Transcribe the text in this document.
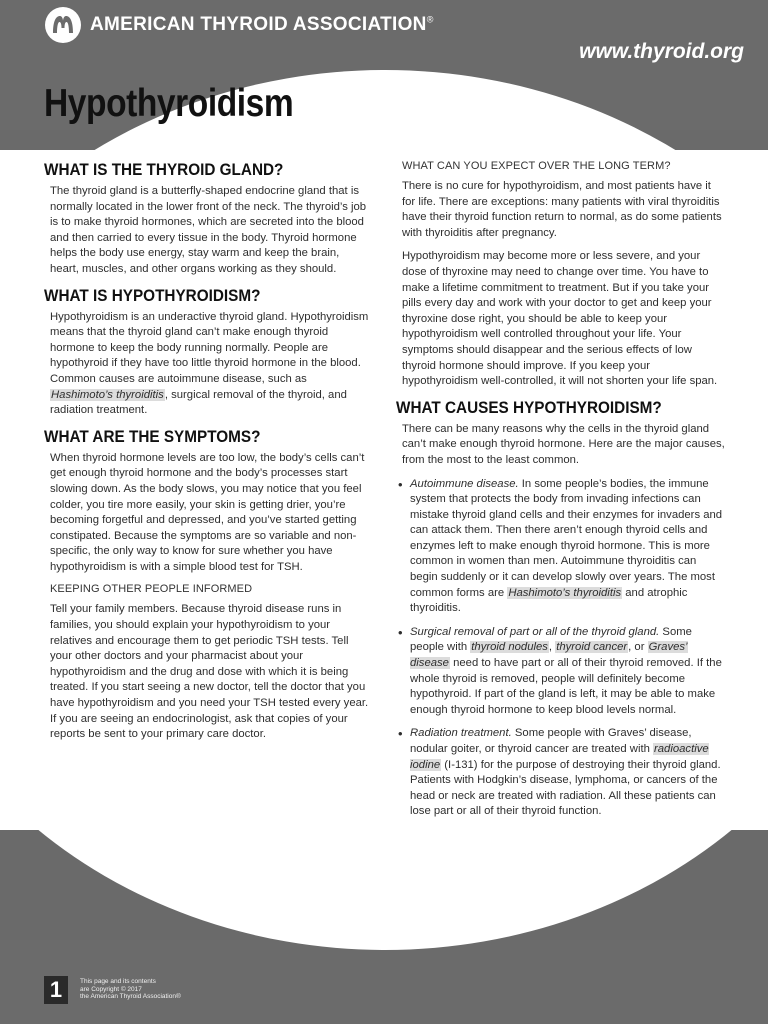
AMERICAN THYROID ASSOCIATION®
www.thyroid.org
Hypothyroidism
WHAT IS THE THYROID GLAND?

The thyroid gland is a butterfly-shaped endocrine gland that is normally located in the lower front of the neck. The thyroid’s job is to make thyroid hormones, which are secreted into the blood and then carried to every tissue in the body. Thyroid hormone helps the body use energy, stay warm and keep the brain, heart, muscles, and other organs working as they should.

WHAT IS HYPOTHYROIDISM?

Hypothyroidism is an underactive thyroid gland. Hypothyroidism means that the thyroid gland can’t make enough thyroid hormone to keep the body running normally. People are hypothyroid if they have too little thyroid hormone in the blood. Common causes are autoimmune disease, such as Hashimoto’s thyroiditis, surgical removal of the thyroid, and radiation treatment.

WHAT ARE THE SYMPTOMS?

When thyroid hormone levels are too low, the body’s cells can’t get enough thyroid hormone and the body’s processes start slowing down. As the body slows, you may notice that you feel colder, you tire more easily, your skin is getting drier, you’re becoming forgetful and depressed, and you’ve started getting constipated. Because the symptoms are so variable and non-specific, the only way to know for sure whether you have hypothyroidism is with a simple blood test for TSH.

KEEPING OTHER PEOPLE INFORMED

Tell your family members. Because thyroid disease runs in families, you should explain your hypothyroidism to your relatives and encourage them to get periodic TSH tests. Tell your other doctors and your pharmacist about your hypothyroidism and the drug and dose with which it is being treated. If you start seeing a new doctor, tell the doctor that you have hypothyroidism and you need your TSH tested every year. If you are seeing an endocrinologist, ask that copies of your reports be sent to your primary care doctor.

WHAT CAN YOU EXPECT OVER THE LONG TERM?

There is no cure for hypothyroidism, and most patients have it for life. There are exceptions: many patients with viral thyroiditis have their thyroid function return to normal, as do some patients with thyroiditis after pregnancy.

Hypothyroidism may become more or less severe, and your dose of thyroxine may need to change over time. You have to make a lifetime commitment to treatment. But if you take your pills every day and work with your doctor to get and keep your thyroxine dose right, you should be able to keep your hypothyroidism well controlled throughout your life. Your symptoms should disappear and the serious effects of low thyroid hormone should improve. If you keep your hypothyroidism well-controlled, it will not shorten your life span.

WHAT CAUSES HYPOTHYROIDISM?

There can be many reasons why the cells in the thyroid gland can’t make enough thyroid hormone. Here are the major causes, from the most to the least common.

• Autoimmune disease. In some people’s bodies, the immune system that protects the body from invading infections can mistake thyroid gland cells and their enzymes for invaders and can attack them. Then there aren’t enough thyroid cells and enzymes left to make enough thyroid hormone. This is more common in women than men. Autoimmune thyroiditis can begin suddenly or it can develop slowly over years. The most common forms are Hashimoto’s thyroiditis and atrophic thyroiditis.
• Surgical removal of part or all of the thyroid gland. Some people with thyroid nodules, thyroid cancer, or Graves’ disease need to have part or all of their thyroid removed. If the whole thyroid is removed, people will definitely become hypothyroid. If part of the gland is left, it may be able to make enough thyroid hormone to keep blood levels normal.
• Radiation treatment. Some people with Graves’ disease, nodular goiter, or thyroid cancer are treated with radioactive iodine (I-131) for the purpose of destroying their thyroid gland. Patients with Hodgkin’s disease, lymphoma, or cancers of the head or neck are treated with radiation. All these patients can lose part or all of their thyroid function.
1	This page and its contents
are Copyright © 2017
the American Thyroid Association®
